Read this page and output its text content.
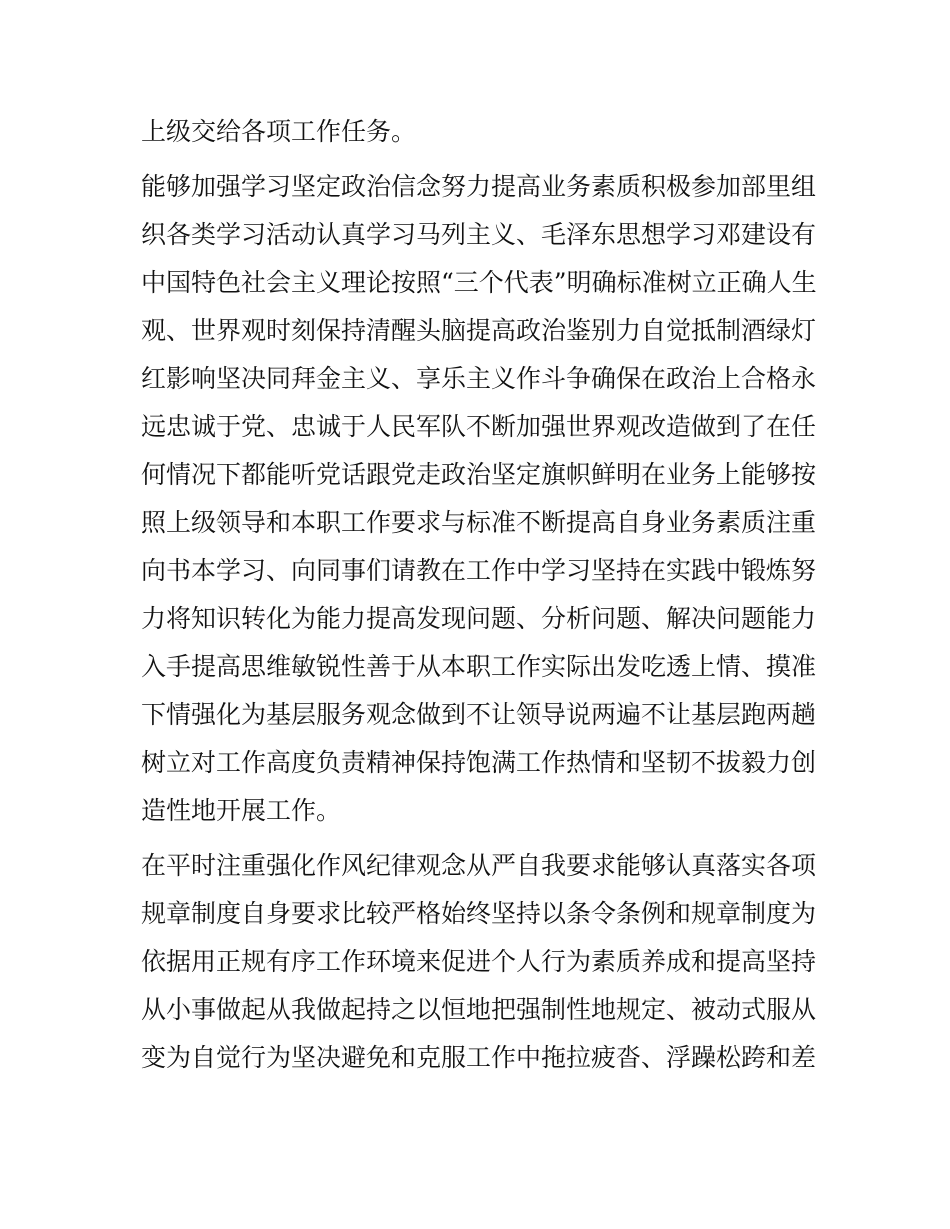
上级交给各项工作任务。
能够加强学习坚定政治信念努力提高业务素质积极参加部里组
织各类学习活动认真学习马列主义、毛泽东思想学习邓建设有
中国特色社会主义理论按照“三个代表”明确标准树立正确人生
观、世界观时刻保持清醒头脑提高政治鉴别力自觉抵制酒绿灯
红影响坚决同拜金主义、享乐主义作斗争确保在政治上合格永
远忠诚于党、忠诚于人民军队不断加强世界观改造做到了在任
何情况下都能听党话跟党走政治坚定旗帜鲜明在业务上能够按
照上级领导和本职工作要求与标准不断提高自身业务素质注重
向书本学习、向同事们请教在工作中学习坚持在实践中锻炼努
力将知识转化为能力提高发现问题、分析问题、解决问题能力
入手提高思维敏锐性善于从本职工作实际出发吃透上情、摸准
下情强化为基层服务观念做到不让领导说两遍不让基层跑两趟
树立对工作高度负责精神保持饱满工作热情和坚韧不拔毅力创
造性地开展工作。
在平时注重强化作风纪律观念从严自我要求能够认真落实各项
规章制度自身要求比较严格始终坚持以条令条例和规章制度为
依据用正规有序工作环境来促进个人行为素质养成和提高坚持
从小事做起从我做起持之以恒地把强制性地规定、被动式服从
变为自觉行为坚决避免和克服工作中拖拉疲沓、浮躁松跨和差
